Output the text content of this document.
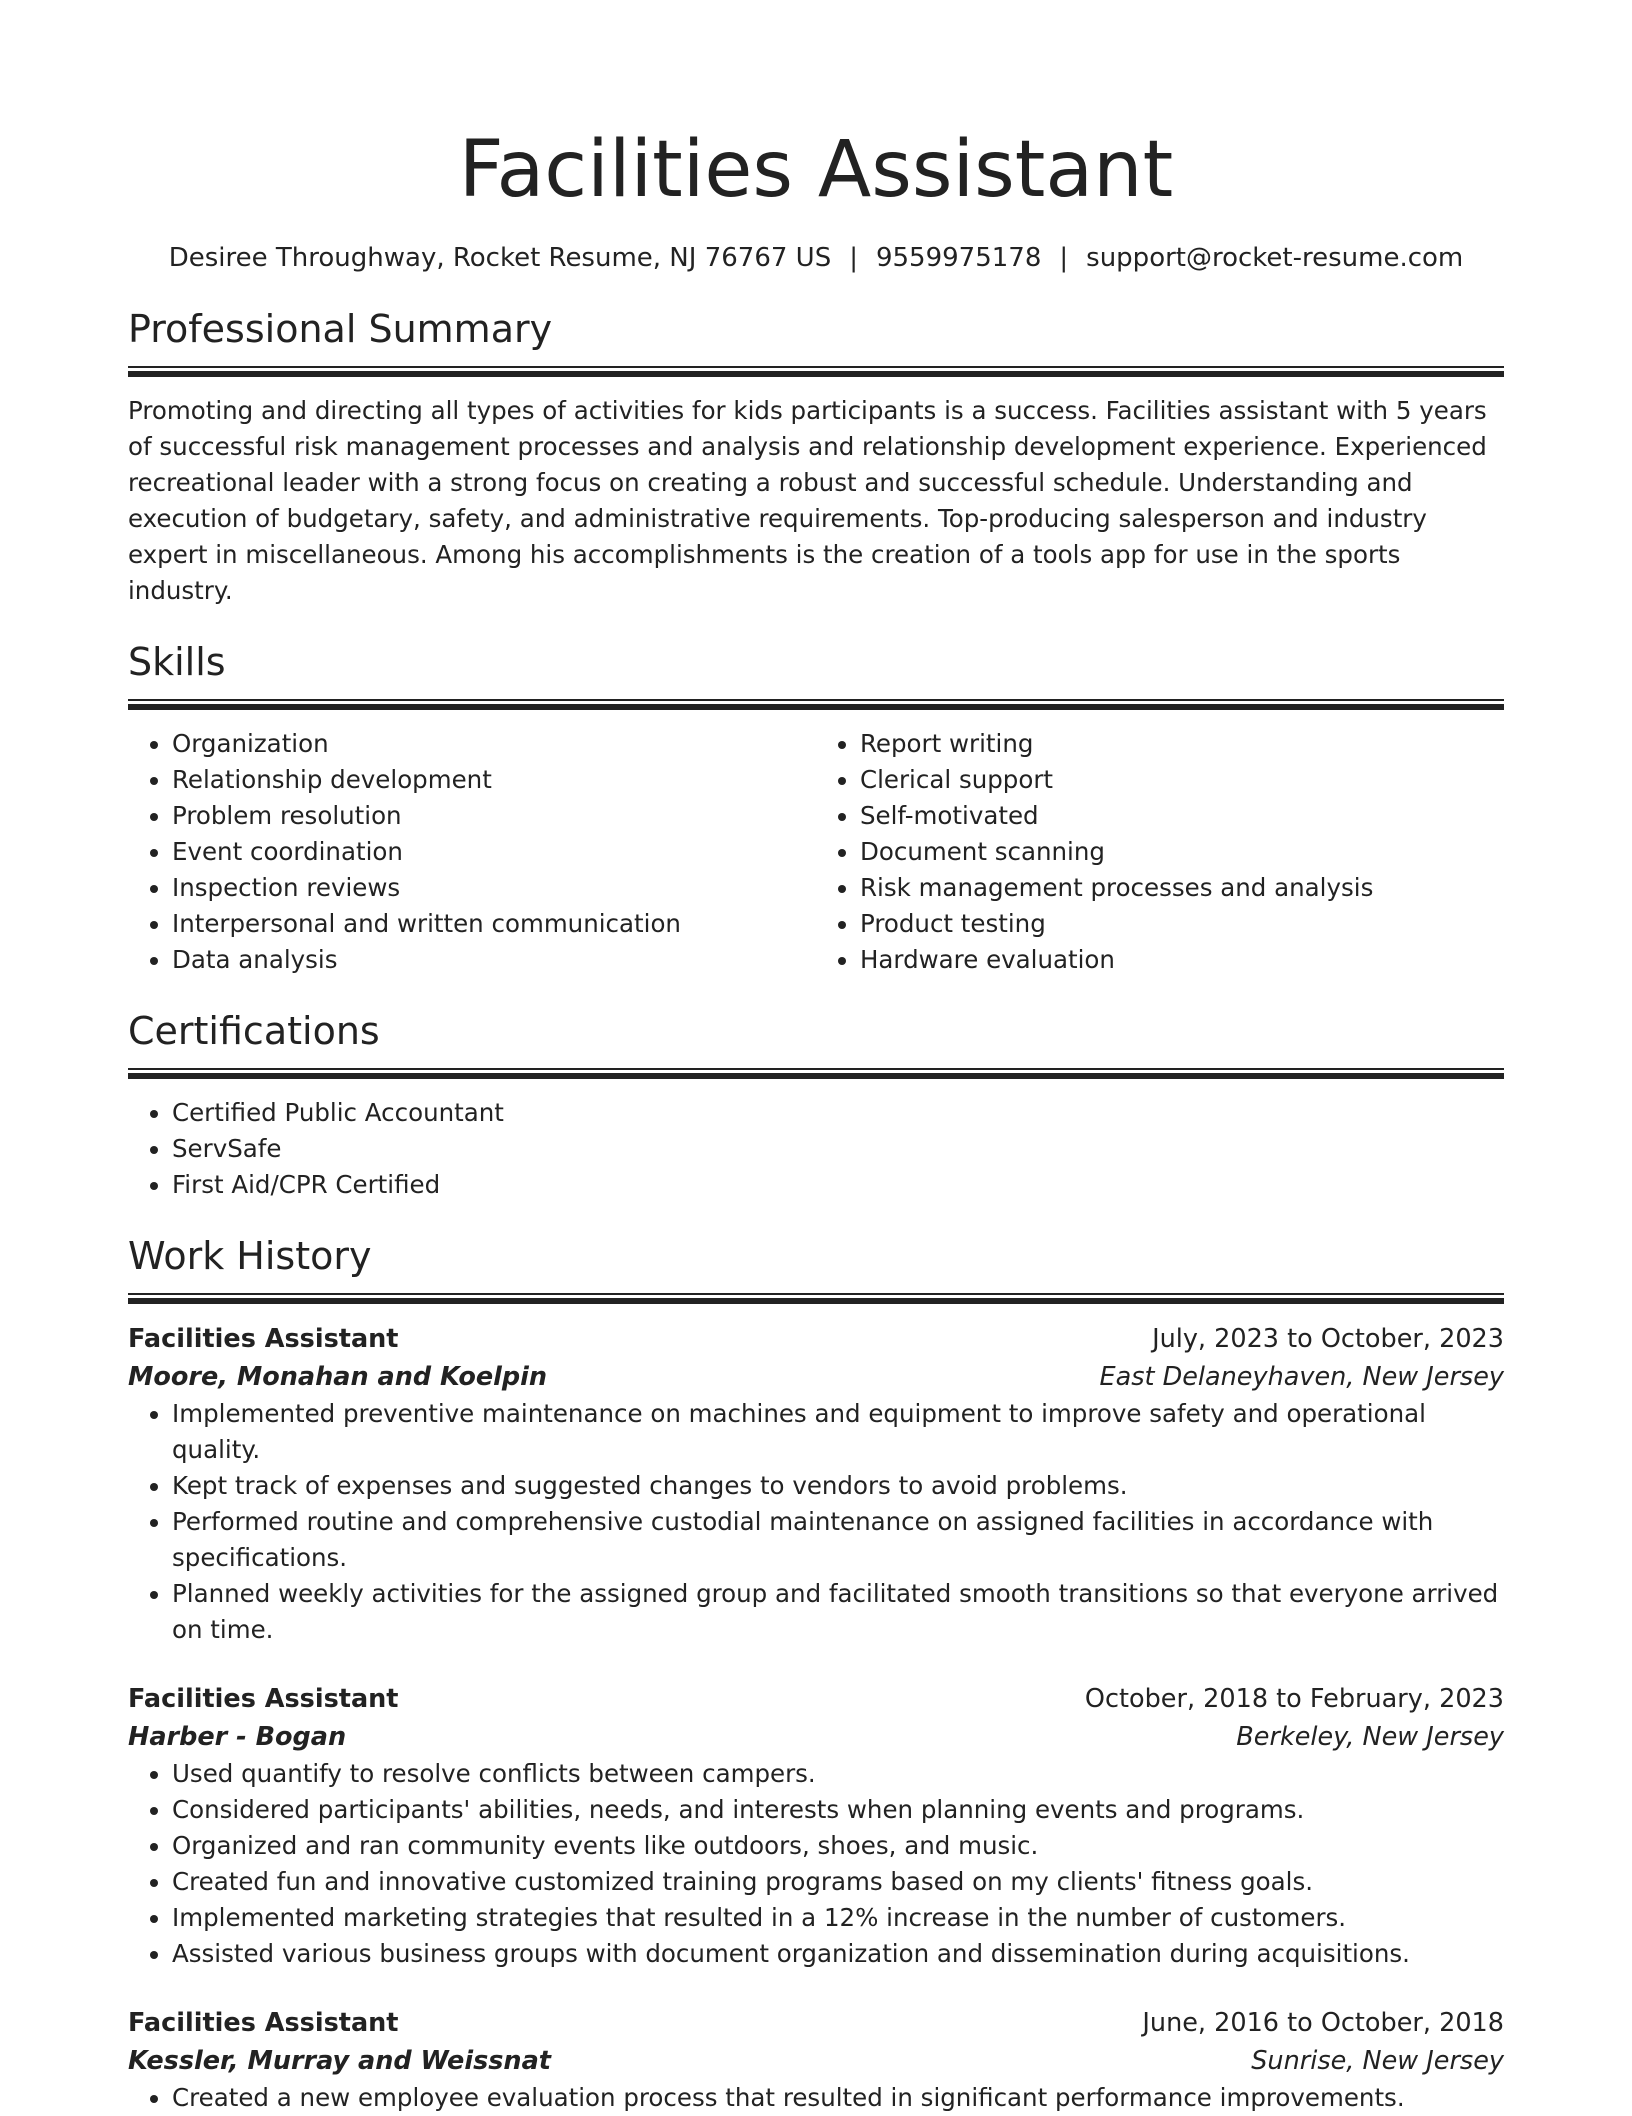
Facilities Assistant
Desiree Throughway, Rocket Resume, NJ 76767 US | 9559975178 | support@rocket-resume.com
Professional Summary

Promoting and directing all types of activities for kids participants is a success. Facilities assistant with 5 years of successful risk management processes and analysis and relationship development experience. Experienced recreational leader with a strong focus on creating a robust and successful schedule. Understanding and execution of budgetary, safety, and administrative requirements. Top-producing salesperson and industry expert in miscellaneous. Among his accomplishments is the creation of a tools app for use in the sports industry.

Skills
• Organization
• Relationship development
• Problem resolution
• Event coordination
• Inspection reviews
• Interpersonal and written communication
• Data analysis
• Report writing
• Clerical support
• Self-motivated
• Document scanning
• Risk management processes and analysis
• Product testing
• Hardware evaluation
Certifications
• Certified Public Accountant
• ServSafe
• First Aid/CPR Certified
Work History
Facilities Assistant	July, 2023 to October, 2023
Moore, Monahan and Koelpin	East Delaneyhaven, New Jersey
• Implemented preventive maintenance on machines and equipment to improve safety and operational quality.
• Kept track of expenses and suggested changes to vendors to avoid problems.
• Performed routine and comprehensive custodial maintenance on assigned facilities in accordance with specifications.
• Planned weekly activities for the assigned group and facilitated smooth transitions so that everyone arrived on time.
Facilities Assistant	October, 2018 to February, 2023
Harber - Bogan	Berkeley, New Jersey
• Used quantify to resolve conflicts between campers.
• Considered participants' abilities, needs, and interests when planning events and programs.
• Organized and ran community events like outdoors, shoes, and music.
• Created fun and innovative customized training programs based on my clients' fitness goals.
• Implemented marketing strategies that resulted in a 12% increase in the number of customers.
• Assisted various business groups with document organization and dissemination during acquisitions.
Facilities Assistant	June, 2016 to October, 2018
Kessler, Murray and Weissnat	Sunrise, New Jersey
• Created a new employee evaluation process that resulted in significant performance improvements.
